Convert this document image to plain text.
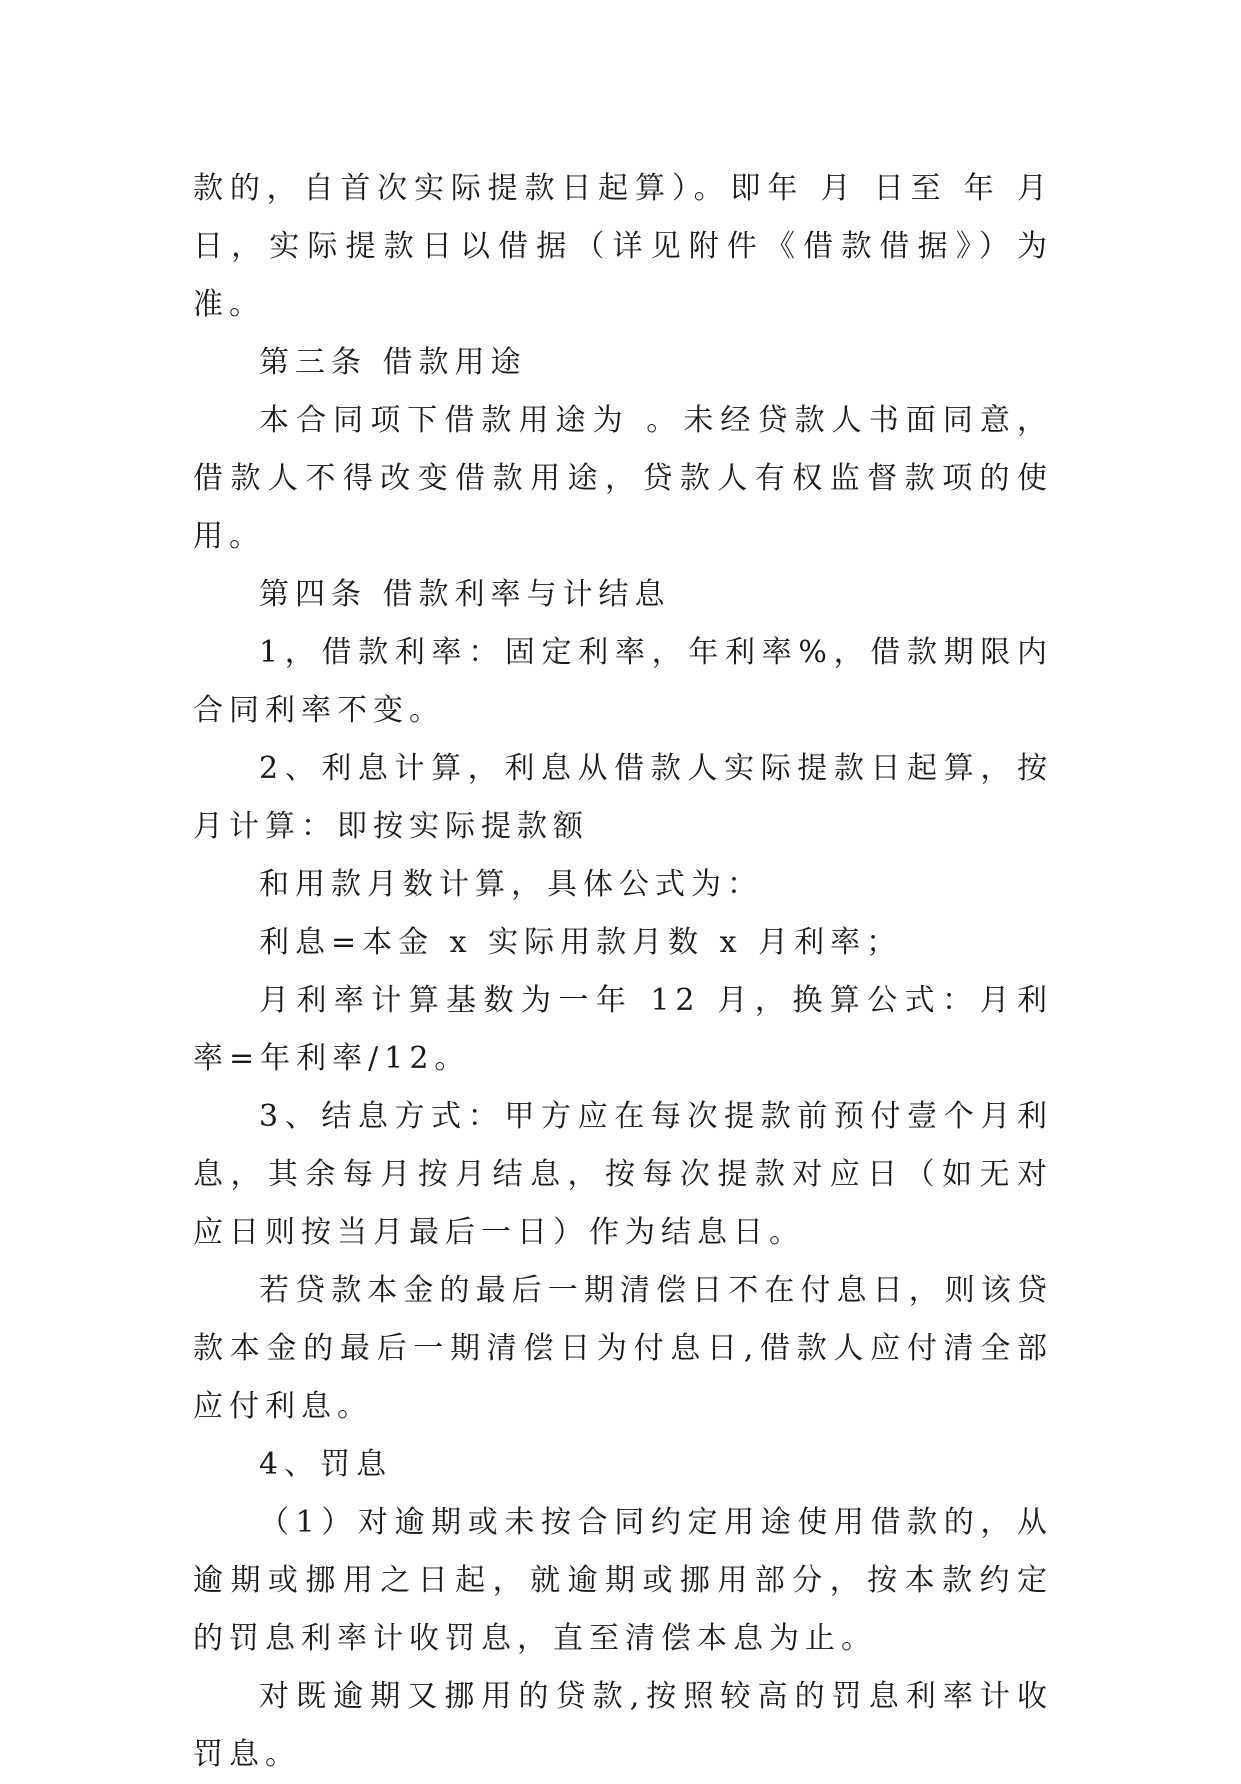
款的，自首次实际提款日起算）。即年 月 日至 年 月 日，实际提款日以借据（详见附件《借款借据》）为准。

第三条 借款用途

本合同项下借款用途为 。未经贷款人书面同意，借款人不得改变借款用途，贷款人有权监督款项的使用。

第四条 借款利率与计结息

1，借款利率：固定利率，年利率%，借款期限内合同利率不变。

2、利息计算，利息从借款人实际提款日起算，按月计算：即按实际提款额

和用款月数计算，具体公式为：

利息=本金 x 实际用款月数 x 月利率；

月利率计算基数为一年 12 月，换算公式：月利率=年利率/12。

3、结息方式：甲方应在每次提款前预付壹个月利息，其余每月按月结息，按每次提款对应日（如无对应日则按当月最后一日）作为结息日。

若贷款本金的最后一期清偿日不在付息日，则该贷款本金的最后一期清偿日为付息日,借款人应付清全部应付利息。

4、罚息

（1）对逾期或未按合同约定用途使用借款的，从逾期或挪用之日起，就逾期或挪用部分，按本款约定的罚息利率计收罚息，直至清偿本息为止。

对既逾期又挪用的贷款,按照较高的罚息利率计收罚息。
